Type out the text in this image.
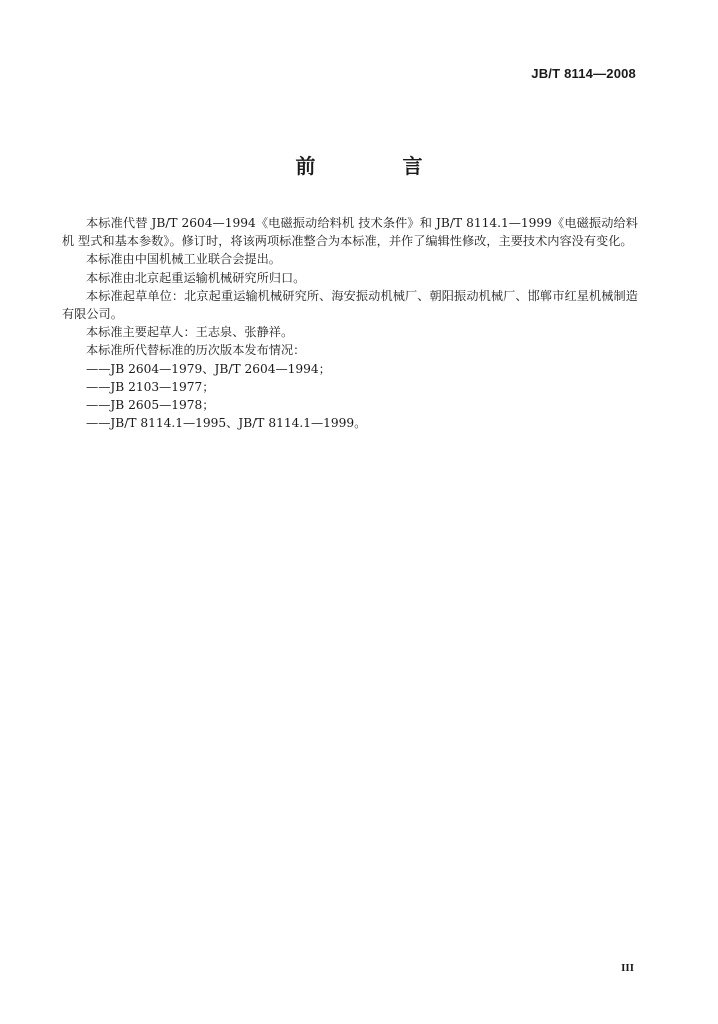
JB/T 8114—2008
前 言

本标准代替 JB/T 2604—1994《电磁振动给料机 技术条件》和 JB/T 8114.1—1999《电磁振动给料机 型式和基本参数》。修订时，将该两项标准整合为本标准，并作了编辑性修改，主要技术内容没有变化。

本标准由中国机械工业联合会提出。

本标准由北京起重运输机械研究所归口。

本标准起草单位：北京起重运输机械研究所、海安振动机械厂、朝阳振动机械厂、邯郸市红星机械制造有限公司。

本标准主要起草人：王志泉、张静祥。

本标准所代替标准的历次版本发布情况：

——JB 2604—1979、JB/T 2604—1994；
——JB 2103—1977；
——JB 2605—1978；
——JB/T 8114.1—1995、JB/T 8114.1—1999。
III
